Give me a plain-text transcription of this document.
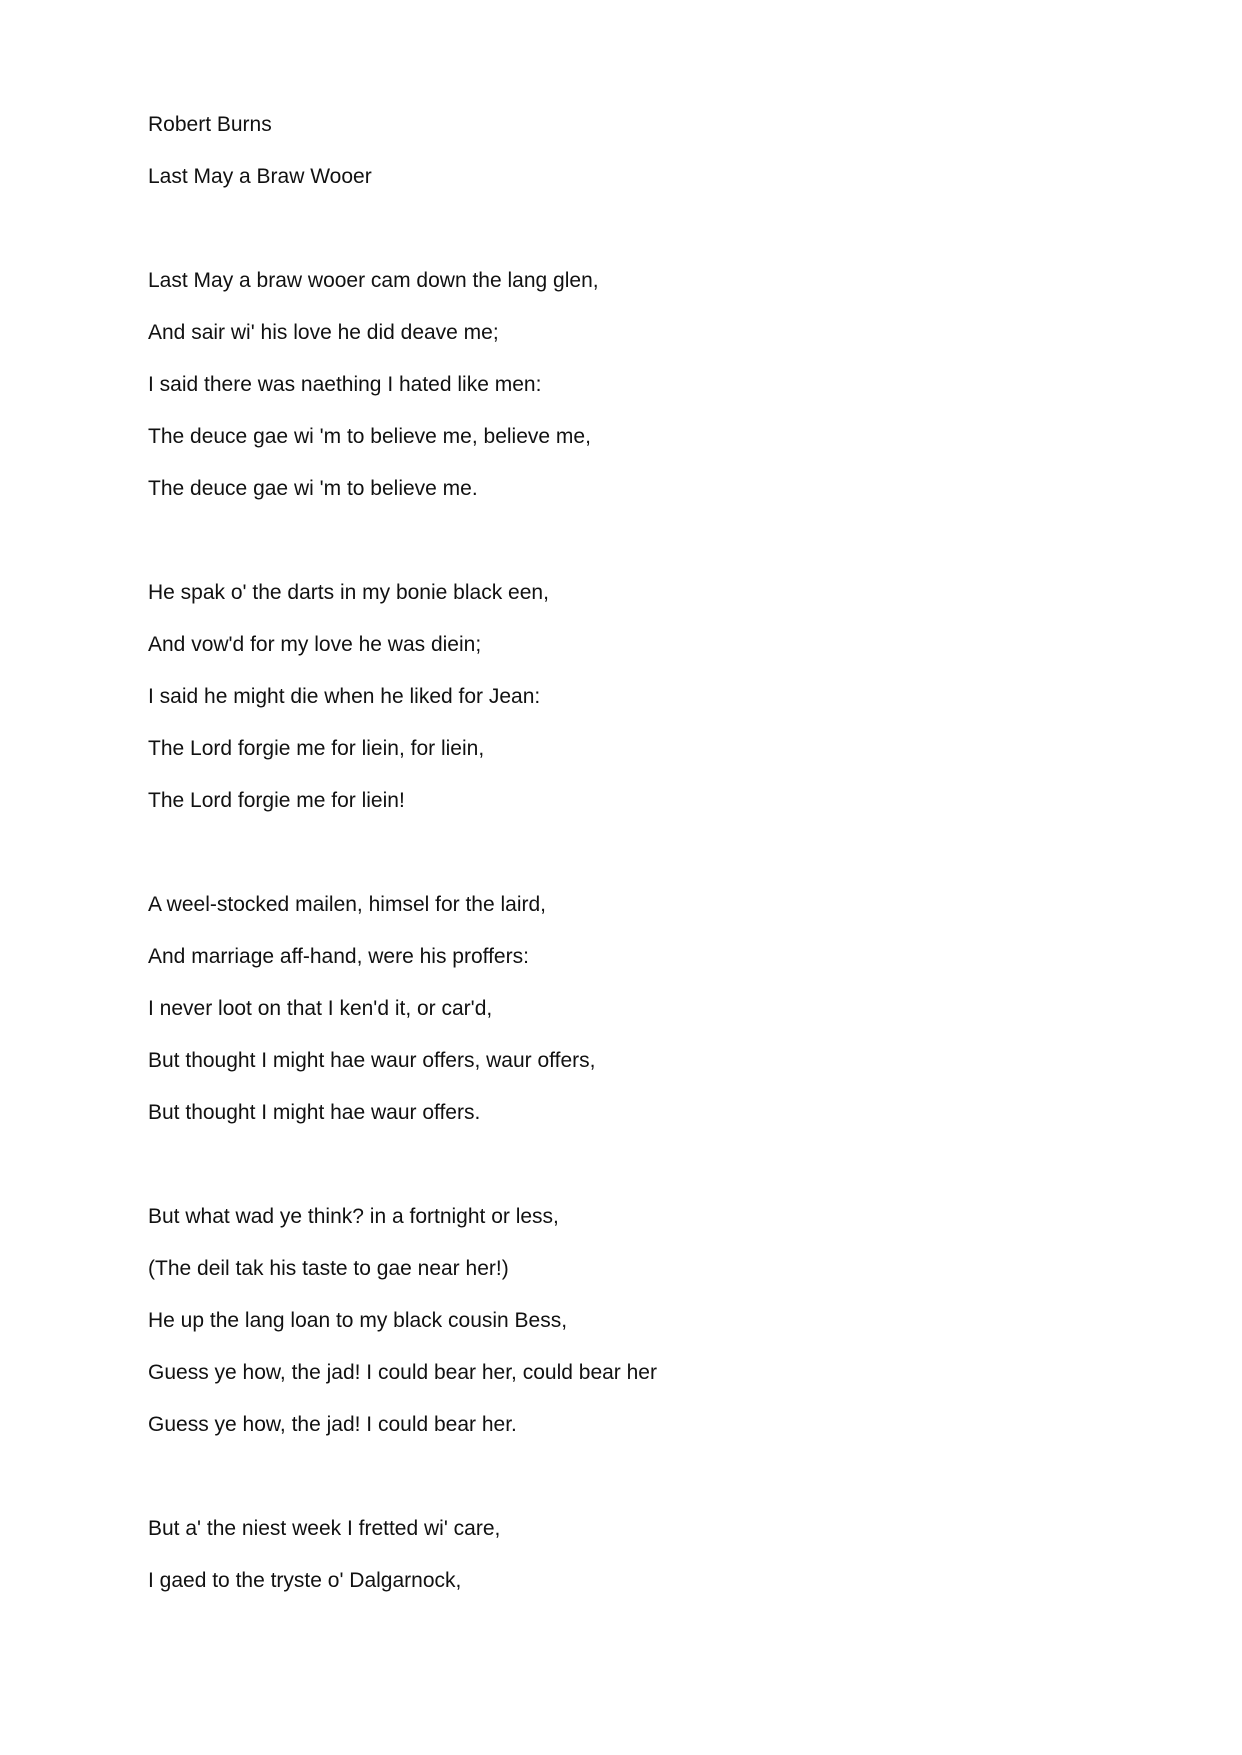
Robert Burns
Last May a Braw Wooer
Last May a braw wooer cam down the lang glen,
And sair wi' his love he did deave me;
I said there was naething I hated like men:
The deuce gae wi 'm to believe me, believe me,
The deuce gae wi 'm to believe me.
He spak o' the darts in my bonie black een,
And vow'd for my love he was diein;
I said he might die when he liked for Jean:
The Lord forgie me for liein, for liein,
The Lord forgie me for liein!
A weel-stocked mailen, himsel for the laird,
And marriage aff-hand, were his proffers:
I never loot on that I ken'd it, or car'd,
But thought I might hae waur offers, waur offers,
But thought I might hae waur offers.
But what wad ye think? in a fortnight or less,
(The deil tak his taste to gae near her!)
He up the lang loan to my black cousin Bess,
Guess ye how, the jad! I could bear her, could bear her
Guess ye how, the jad! I could bear her.
But a' the niest week I fretted wi' care,
I gaed to the tryste o' Dalgarnock,
